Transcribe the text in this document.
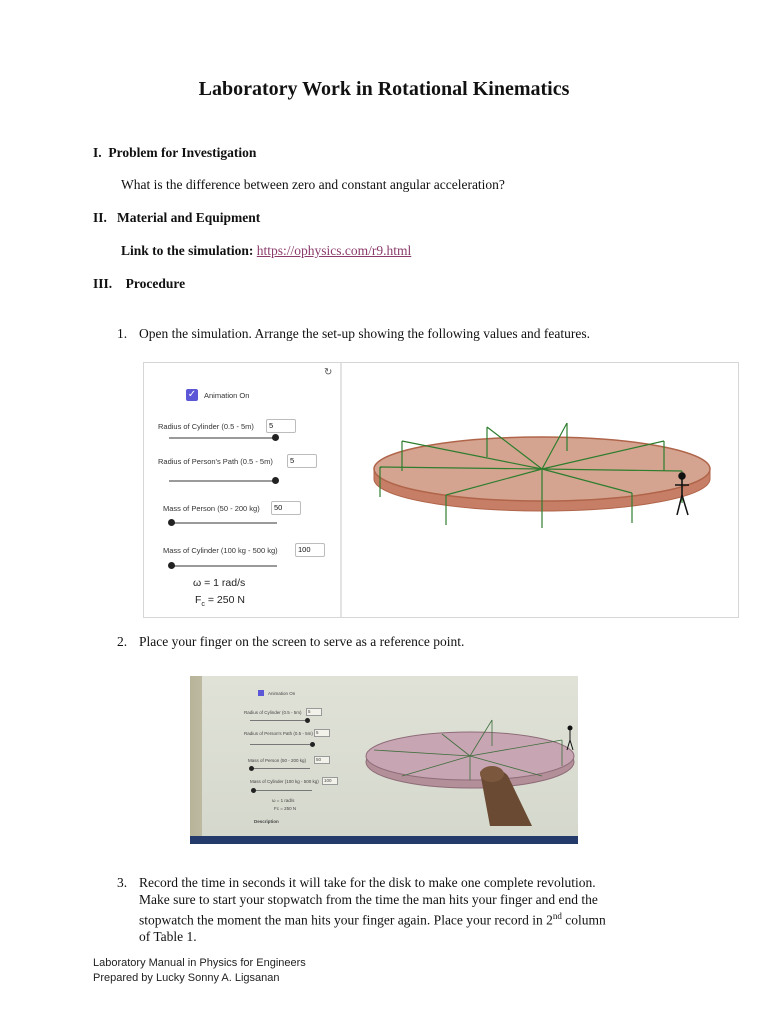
Laboratory Work in Rotational Kinematics
I. Problem for Investigation
What is the difference between zero and constant angular acceleration?
II. Material and Equipment
Link to the simulation: https://ophysics.com/r9.html
III. Procedure
1. Open the simulation. Arrange the set-up showing the following values and features.
↻
✓ Animation On
Radius of Cylinder (0.5 - 5m)	5
Radius of Person's Path (0.5 - 5m)	5
Mass of Person (50 - 200 kg)	50
Mass of Cylinder (100 kg - 500 kg)	100
ω = 1 rad/s
$F_c = 250$ N
2. Place your finger on the screen to serve as a reference point.
Animation On
Radius of Cylinder (0.5 - 5m) 5
Radius of Person's Path (0.5 - 5m) 5
Mass of Person (50 - 200 kg) 50
Mass of Cylinder (100 kg - 500 kg) 100
ω = 1 rad/s
Fc = 250 N
Description
3. Record the time in seconds it will take for the disk to make one complete revolution.
Make sure to start your stopwatch from the time the man hits your finger and end the
stopwatch the moment the man hits your finger again. Place your record in 2nd column
of Table 1.
Laboratory Manual in Physics for Engineers
Prepared by Lucky Sonny A. Ligsanan
